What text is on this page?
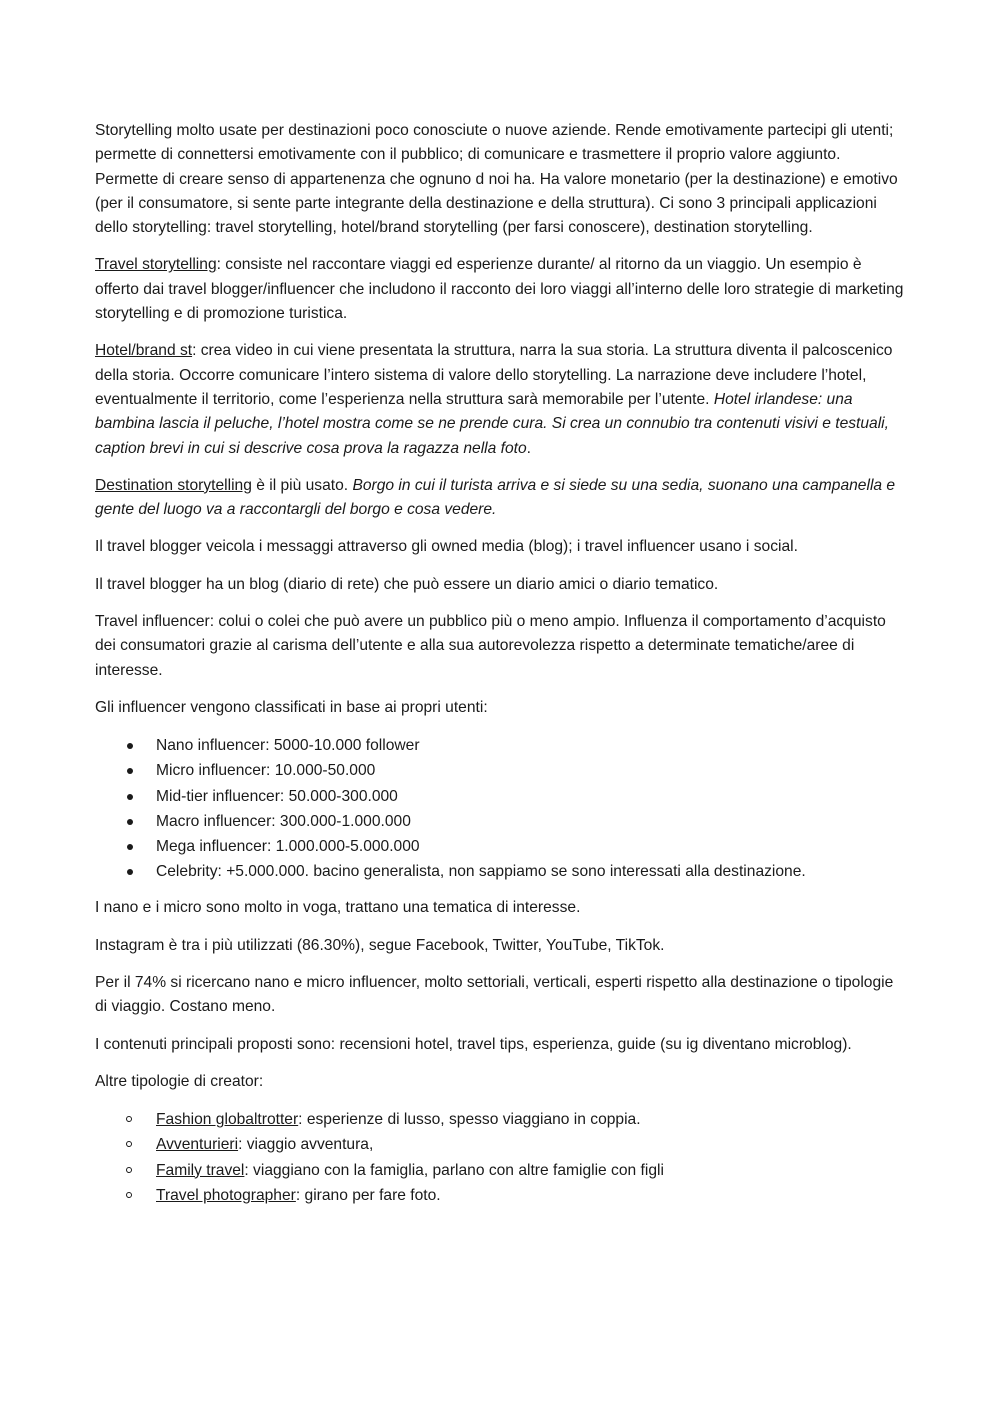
Storytelling molto usate per destinazioni poco conosciute o nuove aziende. Rende emotivamente partecipi gli utenti; permette di connettersi emotivamente con il pubblico; di comunicare e trasmettere il proprio valore aggiunto. Permette di creare senso di appartenenza che ognuno d noi ha. Ha valore monetario (per la destinazione) e emotivo (per il consumatore, si sente parte integrante della destinazione e della struttura). Ci sono 3 principali applicazioni dello storytelling: travel storytelling, hotel/brand storytelling (per farsi conoscere), destination storytelling.

Travel storytelling: consiste nel raccontare viaggi ed esperienze durante/ al ritorno da un viaggio. Un esempio è offerto dai travel blogger/influencer che includono il racconto dei loro viaggi all’interno delle loro strategie di marketing storytelling e di promozione turistica.

Hotel/brand st: crea video in cui viene presentata la struttura, narra la sua storia. La struttura diventa il palcoscenico della storia. Occorre comunicare l’intero sistema di valore dello storytelling. La narrazione deve includere l’hotel, eventualmente il territorio, come l’esperienza nella struttura sarà memorabile per l’utente. Hotel irlandese: una bambina lascia il peluche, l’hotel mostra come se ne prende cura. Si crea un connubio tra contenuti visivi e testuali, caption brevi in cui si descrive cosa prova la ragazza nella foto.

Destination storytelling è il più usato. Borgo in cui il turista arriva e si siede su una sedia, suonano una campanella e gente del luogo va a raccontargli del borgo e cosa vedere.

Il travel blogger veicola i messaggi attraverso gli owned media (blog); i travel influencer usano i social.

Il travel blogger ha un blog (diario di rete) che può essere un diario amici o diario tematico.

Travel influencer: colui o colei che può avere un pubblico più o meno ampio. Influenza il comportamento d’acquisto dei consumatori grazie al carisma dell’utente e alla sua autorevolezza rispetto a determinate tematiche/aree di interesse.

Gli influencer vengono classificati in base ai propri utenti:

Nano influencer: 5000-10.000 follower
Micro influencer: 10.000-50.000
Mid-tier influencer: 50.000-300.000
Macro influencer: 300.000-1.000.000
Mega influencer: 1.000.000-5.000.000
Celebrity: +5.000.000. bacino generalista, non sappiamo se sono interessati alla destinazione.

I nano e i micro sono molto in voga, trattano una tematica di interesse.

Instagram è tra i più utilizzati (86.30%), segue Facebook, Twitter, YouTube, TikTok.

Per il 74% si ricercano nano e micro influencer, molto settoriali, verticali, esperti rispetto alla destinazione o tipologie di viaggio. Costano meno.

I contenuti principali proposti sono: recensioni hotel, travel tips, esperienza, guide (su ig diventano microblog).

Altre tipologie di creator:

Fashion globaltrotter: esperienze di lusso, spesso viaggiano in coppia.
Avventurieri: viaggio avventura,
Family travel: viaggiano con la famiglia, parlano con altre famiglie con figli
Travel photographer: girano per fare foto.
